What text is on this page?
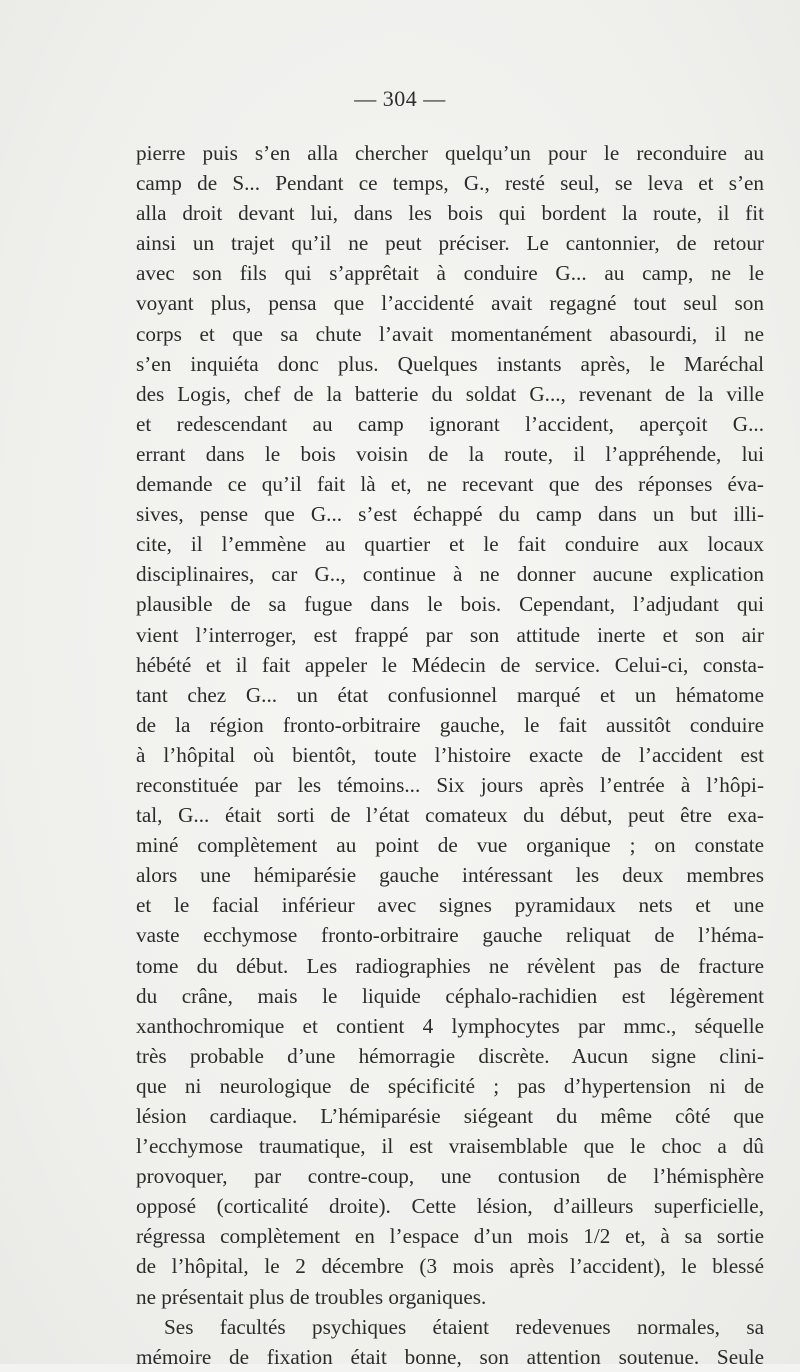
— 304 —
pierre puis s’en alla chercher quelqu’un pour le reconduire au
camp de S... Pendant ce temps, G., resté seul, se leva et s’en
alla droit devant lui, dans les bois qui bordent la route, il fit
ainsi un trajet qu’il ne peut préciser. Le cantonnier, de retour
avec son fils qui s’apprêtait à conduire G... au camp, ne le
voyant plus, pensa que l’accidenté avait regagné tout seul son
corps et que sa chute l’avait momentanément abasourdi, il ne
s’en inquiéta donc plus. Quelques instants après, le Maréchal
des Logis, chef de la batterie du soldat G..., revenant de la ville
et redescendant au camp ignorant l’accident, aperçoit G...
errant dans le bois voisin de la route, il l’appréhende, lui
demande ce qu’il fait là et, ne recevant que des réponses éva-
sives, pense que G... s’est échappé du camp dans un but illi-
cite, il l’emmène au quartier et le fait conduire aux locaux
disciplinaires, car G.., continue à ne donner aucune explication
plausible de sa fugue dans le bois. Cependant, l’adjudant qui
vient l’interroger, est frappé par son attitude inerte et son air
hébété et il fait appeler le Médecin de service. Celui-ci, consta-
tant chez G... un état confusionnel marqué et un hématome
de la région fronto-orbitraire gauche, le fait aussitôt conduire
à l’hôpital où bientôt, toute l’histoire exacte de l’accident est
reconstituée par les témoins... Six jours après l’entrée à l’hôpi-
tal, G... était sorti de l’état comateux du début, peut être exa-
miné complètement au point de vue organique ; on constate
alors une hémiparésie gauche intéressant les deux membres
et le facial inférieur avec signes pyramidaux nets et une
vaste ecchymose fronto-orbitraire gauche reliquat de l’héma-
tome du début. Les radiographies ne révèlent pas de fracture
du crâne, mais le liquide céphalo-rachidien est légèrement
xanthochromique et contient 4 lymphocytes par mmc., séquelle
très probable d’une hémorragie discrète. Aucun signe clini-
que ni neurologique de spécificité ; pas d’hypertension ni de
lésion cardiaque. L’hémiparésie siégeant du même côté que
l’ecchymose traumatique, il est vraisemblable que le choc a dû
provoquer, par contre-coup, une contusion de l’hémisphère
opposé (corticalité droite). Cette lésion, d’ailleurs superficielle,
régressa complètement en l’espace d’un mois 1/2 et, à sa sortie
de l’hôpital, le 2 décembre (3 mois après l’accident), le blessé
ne présentait plus de troubles organiques.
Ses facultés psychiques étaient redevenues normales, sa
mémoire de fixation était bonne, son attention soutenue. Seule
